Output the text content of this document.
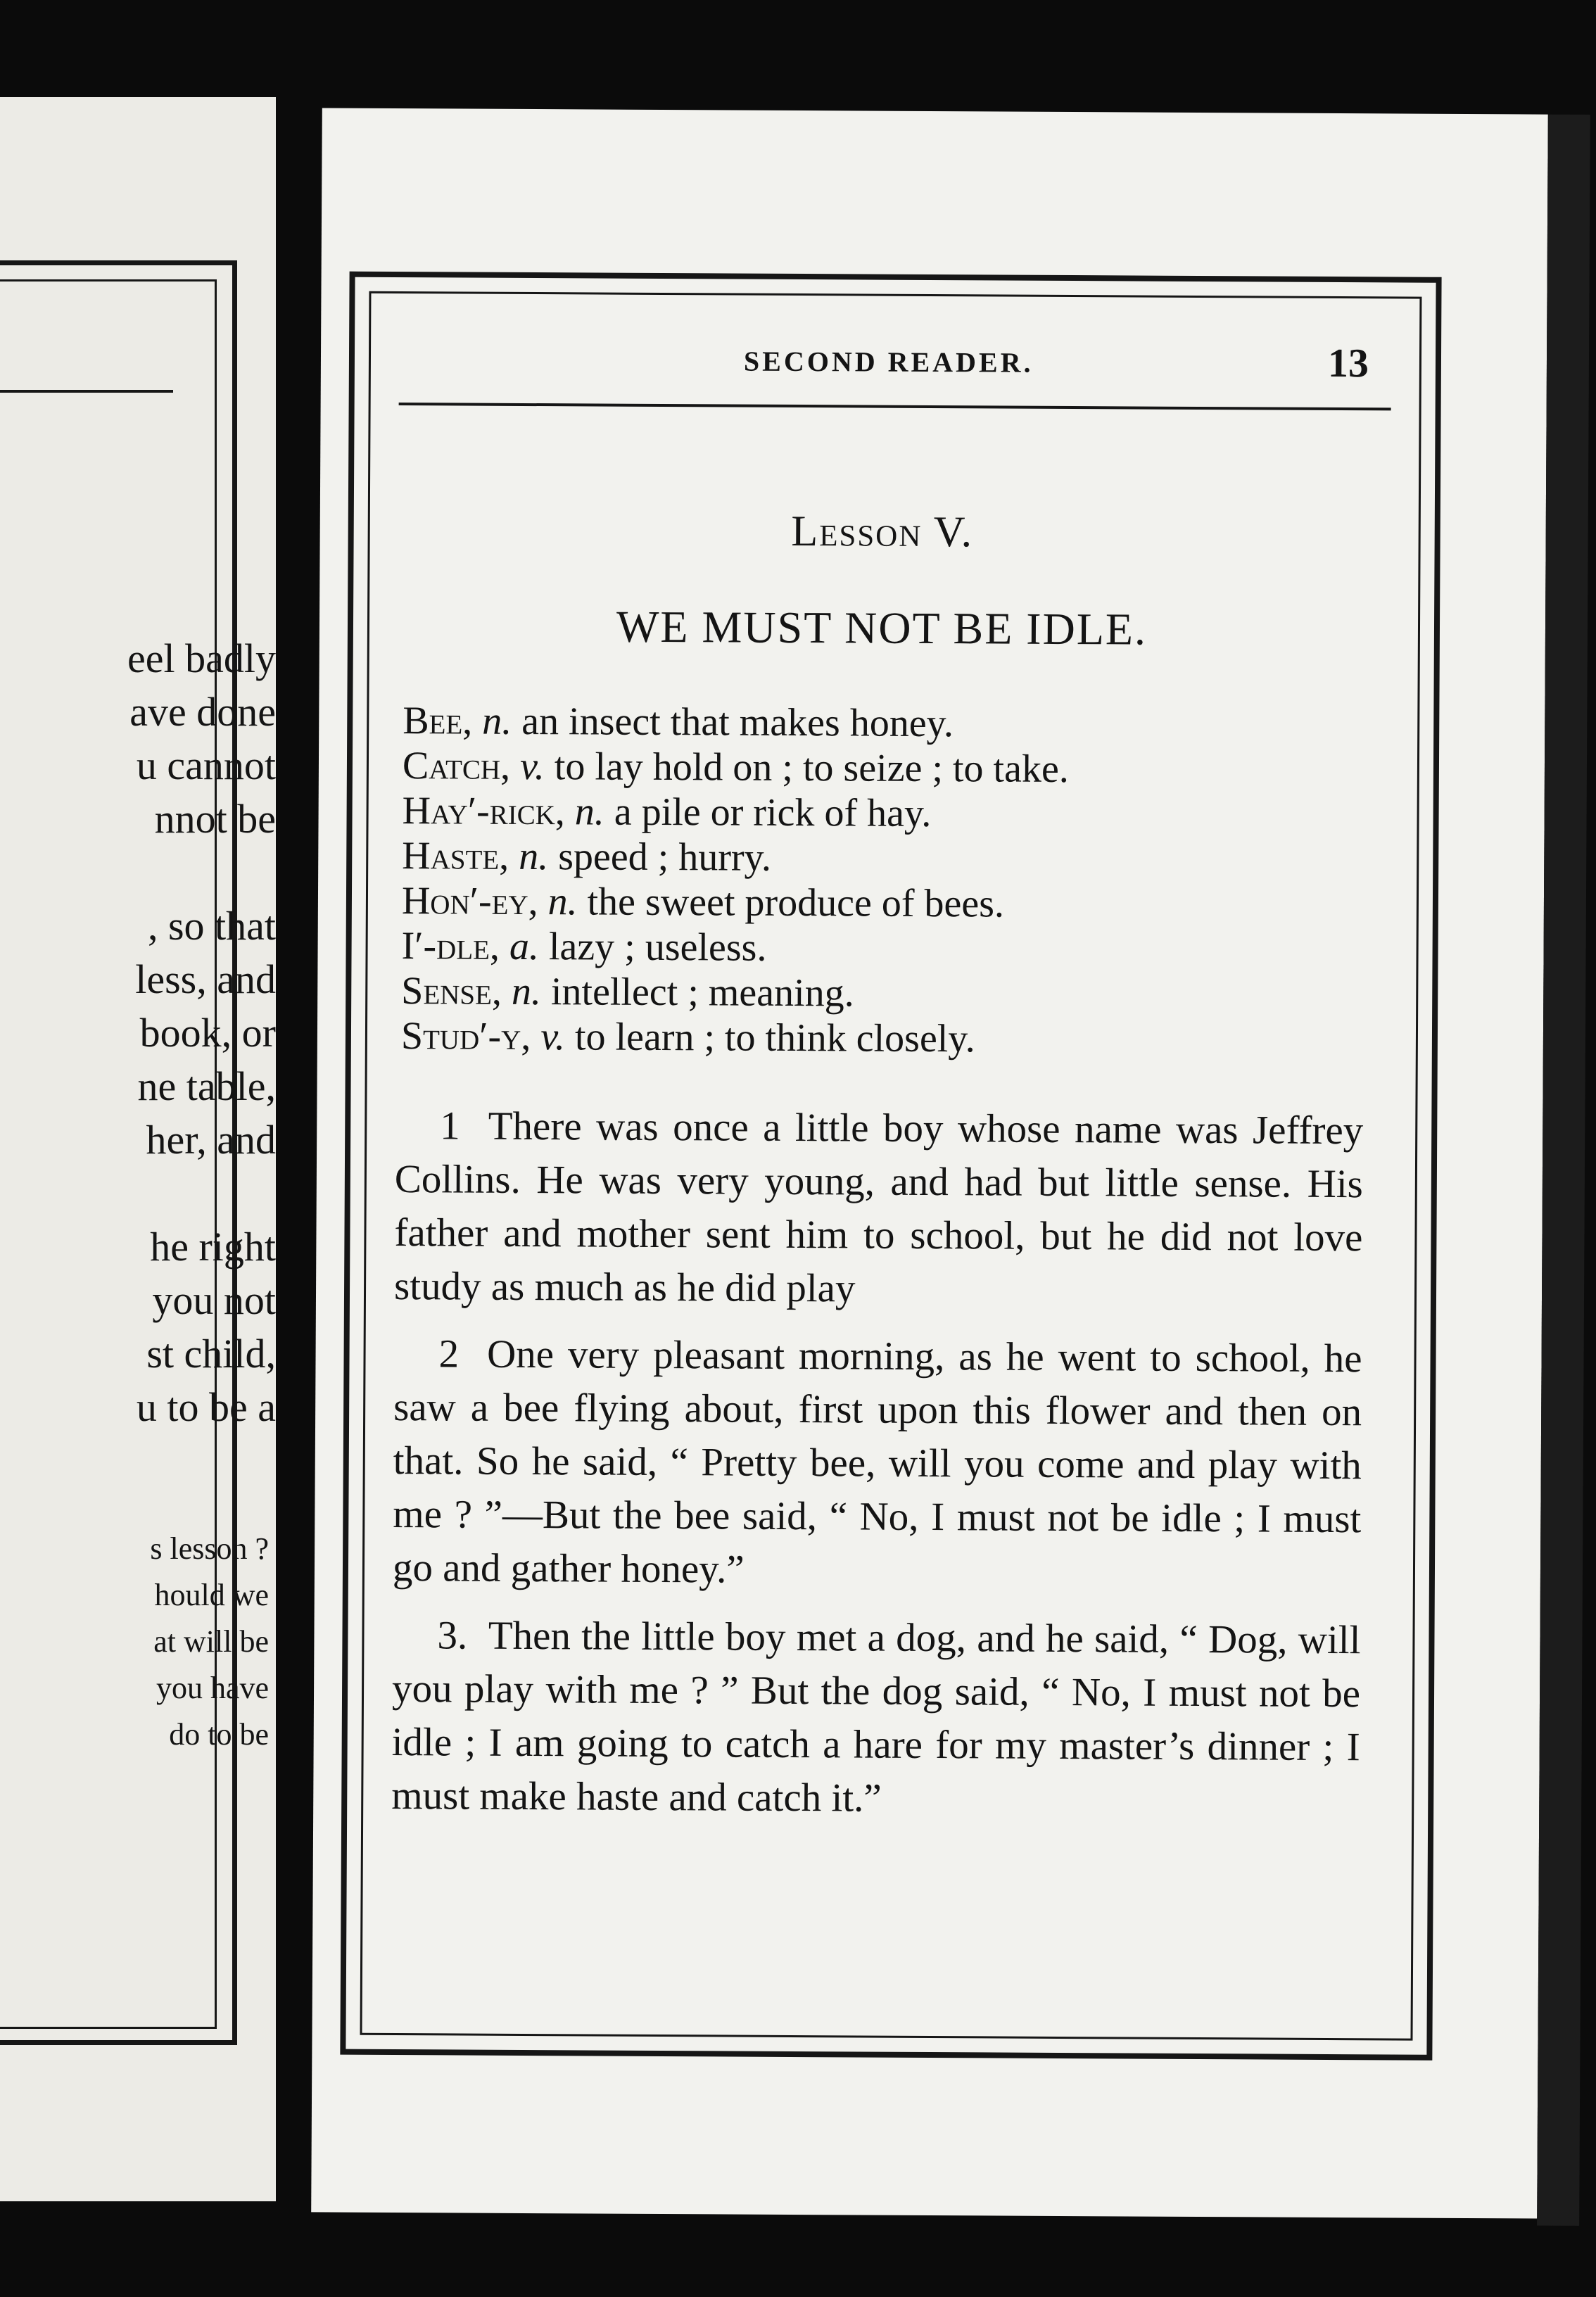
eel badly
ave done
u cannot
nnot be
, so that
less, and
book, or
ne table,
her, and
he right
you not
st child,
u to be a
s lesson ?
hould we
at will be
you have
do to be
SECOND READER.	13
Lesson V.
WE MUST NOT BE IDLE.
Bee, n. an insect that makes honey.
Catch, v. to lay hold on ; to seize ; to take.
Hay′-rick, n. a pile or rick of hay.
Haste, n. speed ; hurry.
Hon′-ey, n. the sweet produce of bees.
I′-dle, a. lazy ; useless.
Sense, n. intellect ; meaning.
Stud′-y, v. to learn ; to think closely.

1 There was once a little boy whose name was Jeffrey Collins. He was very young, and had but little sense. His father and mother sent him to school, but he did not love study as much as he did play

2 One very pleasant morning, as he went to school, he saw a bee flying about, first upon this flower and then on that. So he said, “ Pretty bee, will you come and play with me ? ”—But the bee said, “ No, I must not be idle ; I must go and gather honey.”

3. Then the little boy met a dog, and he said, “ Dog, will you play with me ? ” But the dog said, “ No, I must not be idle ; I am going to catch a hare for my master’s dinner ; I must make haste and catch it.”
